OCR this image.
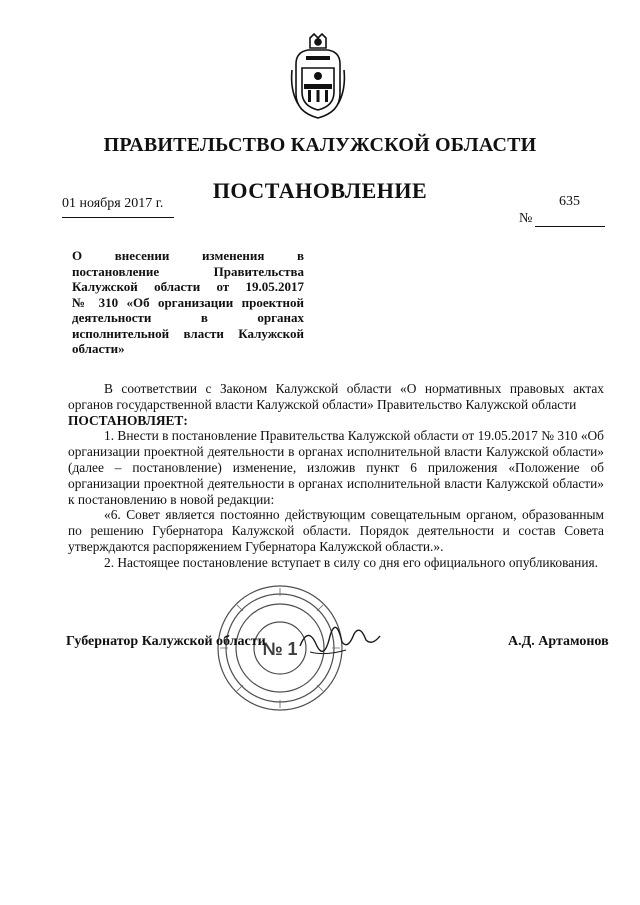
ПРАВИТЕЛЬСТВО КАЛУЖСКОЙ ОБЛАСТИ
01 ноября 2017 г.
ПОСТАНОВЛЕНИЕ	635
№
О внесении изменения в
постановление Правительства
Калужской области от 19.05.2017
№ 310 «Об организации проектной
деятельности в органах
исполнительной власти Калужской
области»

В соответствии с Законом Калужской области «О нормативных правовых актах органов государственной власти Калужской области» Правительство Калужской области

ПОСТАНОВЛЯЕТ:

1. Внести в постановление Правительства Калужской области от 19.05.2017 № 310 «Об организации проектной деятельности в органах исполнительной власти Калужской области» (далее – постановление) изменение, изложив пункт 6 приложения «Положение об организации проектной деятельности в органах исполнительной власти Калужской области» к постановлению в новой редакции:

«6. Совет является постоянно действующим совещательным органом, образованным по решению Губернатора Калужской области. Порядок деятельности и состав Совета утверждаются распоряжением Губернатора Калужской области.».

2. Настоящее постановление вступает в силу со дня его официального опубликования.

№ 1
Губернатор Калужской области	А.Д. Артамонов
